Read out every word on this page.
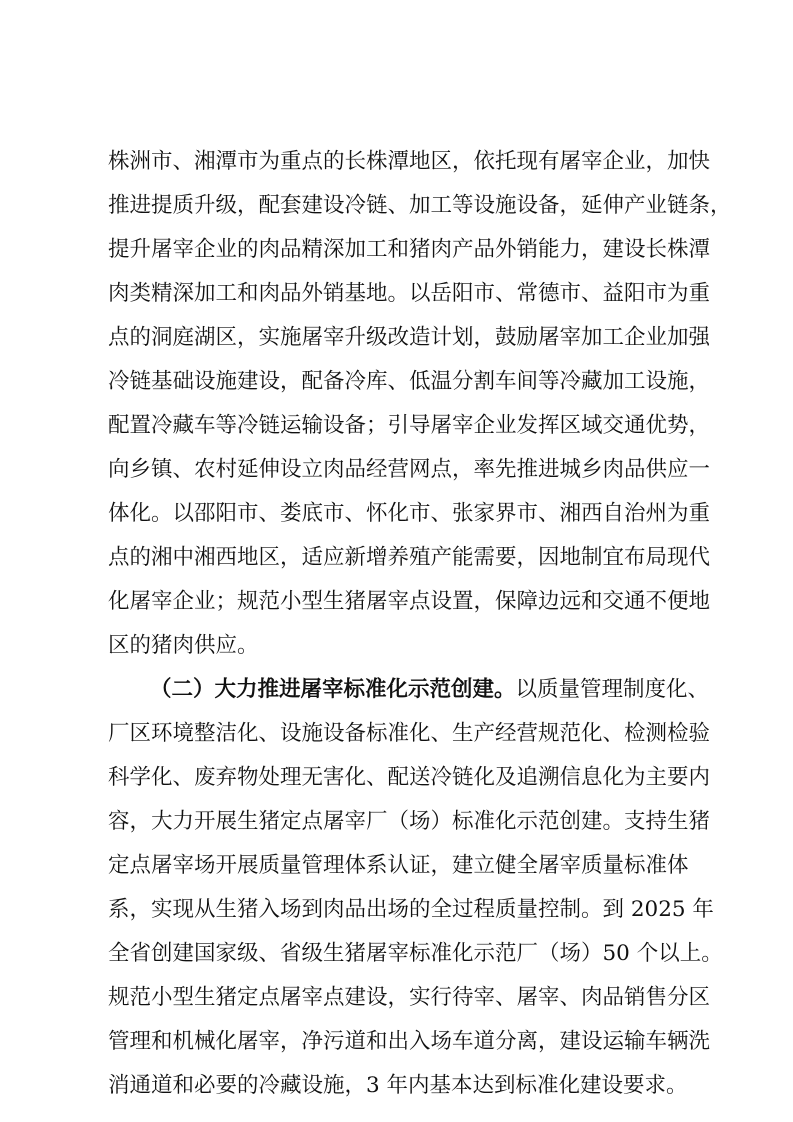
株洲市、湘潭市为重点的长株潭地区，依托现有屠宰企业，加快
推进提质升级，配套建设冷链、加工等设施设备，延伸产业链条，
提升屠宰企业的肉品精深加工和猪肉产品外销能力，建设长株潭
肉类精深加工和肉品外销基地。以岳阳市、常德市、益阳市为重
点的洞庭湖区，实施屠宰升级改造计划，鼓励屠宰加工企业加强
冷链基础设施建设，配备冷库、低温分割车间等冷藏加工设施，
配置冷藏车等冷链运输设备；引导屠宰企业发挥区域交通优势，
向乡镇、农村延伸设立肉品经营网点，率先推进城乡肉品供应一
体化。以邵阳市、娄底市、怀化市、张家界市、湘西自治州为重
点的湘中湘西地区，适应新增养殖产能需要，因地制宜布局现代
化屠宰企业；规范小型生猪屠宰点设置，保障边远和交通不便地
区的猪肉供应。
（二）大力推进屠宰标准化示范创建。以质量管理制度化、
厂区环境整洁化、设施设备标准化、生产经营规范化、检测检验
科学化、废弃物处理无害化、配送冷链化及追溯信息化为主要内
容，大力开展生猪定点屠宰厂（场）标准化示范创建。支持生猪
定点屠宰场开展质量管理体系认证，建立健全屠宰质量标准体
系，实现从生猪入场到肉品出场的全过程质量控制。到 2025 年
全省创建国家级、省级生猪屠宰标准化示范厂（场）50 个以上。
规范小型生猪定点屠宰点建设，实行待宰、屠宰、肉品销售分区
管理和机械化屠宰，净污道和出入场车道分离，建设运输车辆洗
消通道和必要的冷藏设施，3 年内基本达到标准化建设要求。
